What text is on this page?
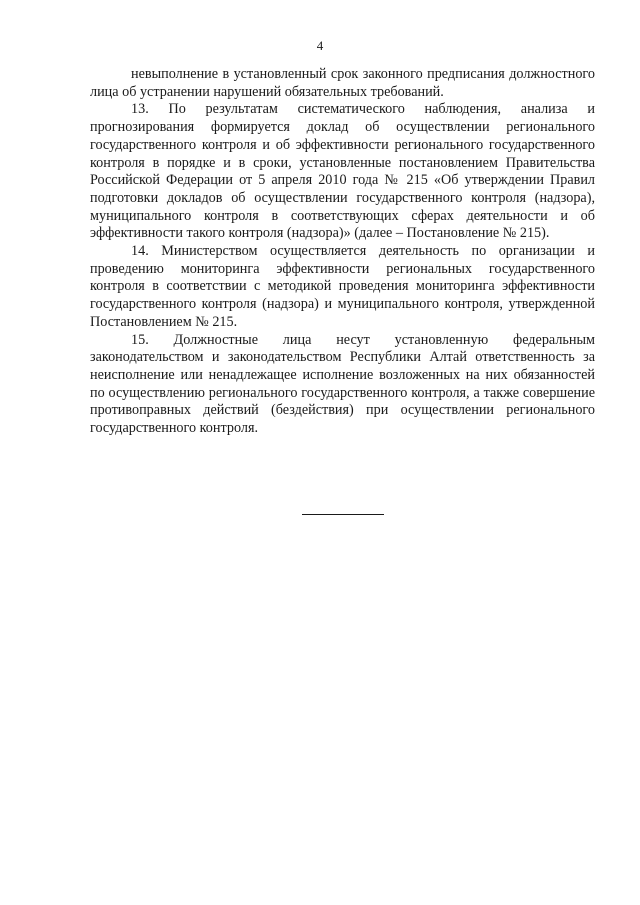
4

невыполнение в установленный срок законного предписания должностного лица об устранении нарушений обязательных требований.

13. По результатам систематического наблюдения, анализа и прогнозирования формируется доклад об осуществлении регионального государственного контроля и об эффективности регионального государственного контроля в порядке и в сроки, установленные постановлением Правительства Российской Федерации от 5 апреля 2010 года № 215 «Об утверждении Правил подготовки докладов об осуществлении государственного контроля (надзора), муниципального контроля в соответствующих сферах деятельности и об эффективности такого контроля (надзора)» (далее – Постановление № 215).

14. Министерством осуществляется деятельность по организации и проведению мониторинга эффективности региональных государственного контроля в соответствии с методикой проведения мониторинга эффективности государственного контроля (надзора) и муниципального контроля, утвержденной Постановлением № 215.

15. Должностные лица несут установленную федеральным законодательством и законодательством Республики Алтай ответственность за неисполнение или ненадлежащее исполнение возложенных на них обязанностей по осуществлению регионального государственного контроля, а также совершение противоправных действий (бездействия) при осуществлении регионального государственного контроля.
